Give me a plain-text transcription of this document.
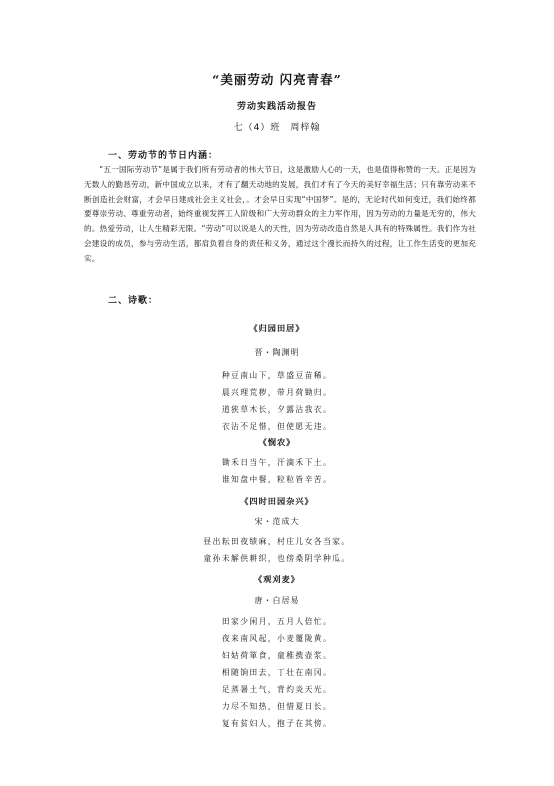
“美丽劳动 闪亮青春”
劳动实践活动报告
七（4）班　周梓翰
一、劳动节的节日内涵：
“五一国际劳动节”是属于我们所有劳动者的伟大节日，这是激励人心的一天，也是值得称赞的一天。正是因为无数人的勤恳劳动，新中国成立以来，才有了翻天动地的发展，我们才有了今天的美好幸福生活；只有靠劳动来不断创造社会财富，才会早日建成社会主义社会，。才会早日实现“中国梦”。是的，无论时代如何变迁，我们始终都要尊崇劳动、尊重劳动者，始终重视发挥工人阶级和广大劳动群众的主力军作用，因为劳动的力量是无穷的，伟大的。热爱劳动，让人生精彩无限。“劳动”可以说是人的天性，因为劳动改造自然是人具有的特殊属性。我们作为社会建设的成员，参与劳动生活，都肩负着自身的责任和义务，通过这个漫长而持久的过程，让工作生活变的更加充实。
二、诗歌：
《归园田居》
晋・陶渊明
种豆南山下，草盛豆苗稀。
晨兴理荒秽，带月荷锄归。
道狭草木长，夕露沾我衣。
衣沾不足惜，但使愿无违。
《悯农》
锄禾日当午，汗滴禾下土。
谁知盘中餐，粒粒皆辛苦。
《四时田园杂兴》
宋・范成大
昼出耘田夜绩麻，村庄儿女各当家。
童孙未解供耕织，也傍桑阴学种瓜。
《观刈麦》
唐・白居易
田家少闲月，五月人倍忙。
夜来南风起，小麦覆陇黄。
妇姑荷箪食，童稚携壶浆。
相随饷田去，丁壮在南冈。
足蒸暑土气，背灼炎天光。
力尽不知热，但惜夏日长。
复有贫妇人，抱子在其傍。
